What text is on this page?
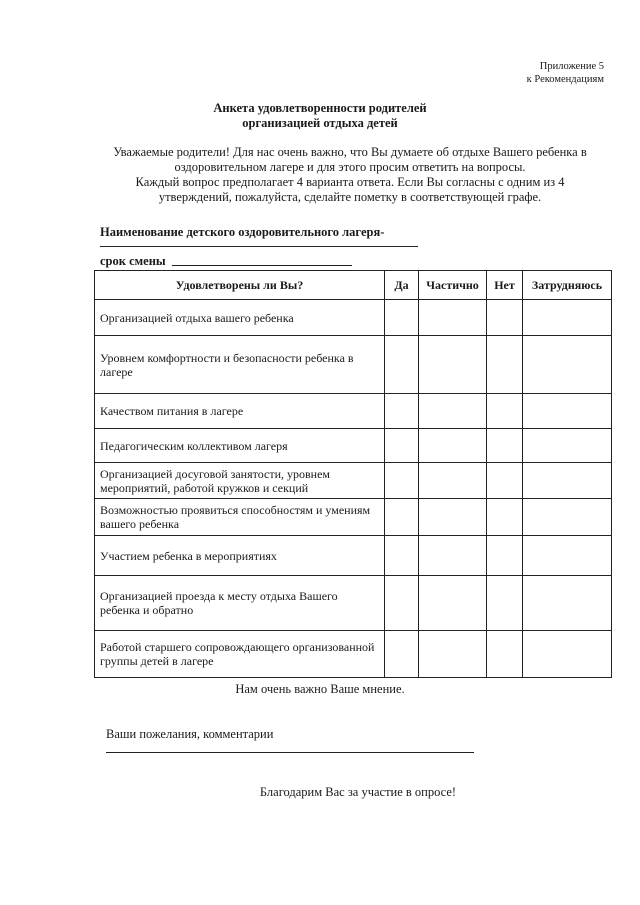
Приложение 5
к Рекомендациям
Анкета удовлетворенности родителей
организацией отдыха детей
Уважаемые родители! Для нас очень важно, что Вы думаете об отдыхе Вашего ребенка в
оздоровительном лагере и для этого просим ответить на вопросы.
Каждый вопрос предполагает 4 варианта ответа. Если Вы согласны с одним из 4
утверждений, пожалуйста, сделайте пометку в соответствующей графе.
Наименование детского оздоровительного лагеря-
срок смены
Удовлетворены ли Вы?	Да	Частично	Нет	Затрудняюсь
Организацией отдыха вашего ребенка				
Уровнем комфортности и безопасности ребенка в лагере				
Качеством питания в лагере				
Педагогическим коллективом лагеря				
Организацией досуговой занятости, уровнем мероприятий, работой кружков и секций				
Возможностью проявиться способностям и умениям вашего ребенка				
Участием ребенка в мероприятиях				
Организацией проезда к месту отдыха Вашего ребенка и обратно				
Работой старшего сопровождающего организованной группы детей в лагере				
Нам очень важно Ваше мнение.
Ваши пожелания, комментарии
Благодарим Вас за участие в опросе!
